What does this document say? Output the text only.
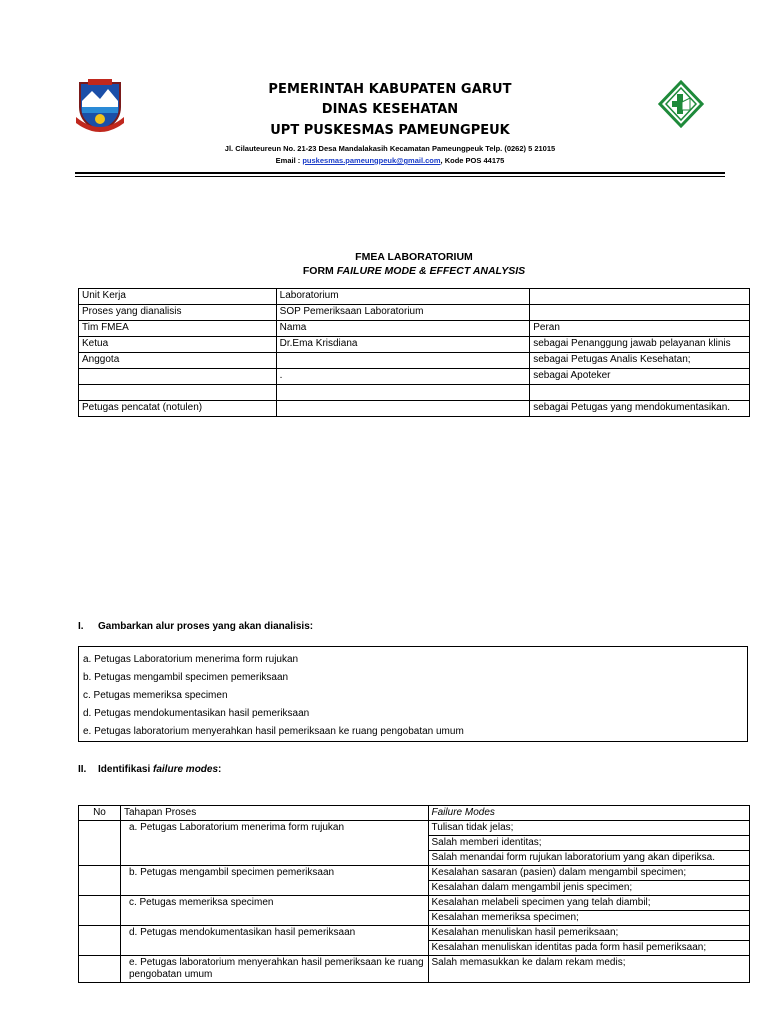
PEMERINTAH KABUPATEN GARUT
DINAS KESEHATAN
UPT PUSKESMAS PAMEUNGPEUK
Jl. Cilauteureun No. 21-23 Desa Mandalakasih Kecamatan Pameungpeuk Telp. (0262) 5 21015
Email : puskesmas.pameungpeuk@gmail.com, Kode POS 44175
FMEA LABORATORIUM
FORM FAILURE MODE & EFFECT ANALYSIS
Unit Kerja	Laboratorium	
Proses yang dianalisis	SOP Pemeriksaan Laboratorium	
Tim FMEA	Nama	Peran
Ketua	Dr.Ema Krisdiana	sebagai Penanggung jawab pelayanan klinis
Anggota		sebagai Petugas Analis Kesehatan;
	.	sebagai Apoteker

Petugas pencatat (notulen)		sebagai Petugas yang mendokumentasikan.
I. Gambarkan alur proses yang akan dianalisis:
a. Petugas Laboratorium menerima form rujukan
b. Petugas mengambil specimen pemeriksaan
c. Petugas memeriksa specimen
d. Petugas mendokumentasikan hasil pemeriksaan
e. Petugas laboratorium menyerahkan hasil pemeriksaan ke ruang pengobatan umum
II. Identifikasi failure modes:
No	Tahapan Proses	Failure Modes
	a. Petugas Laboratorium menerima form rujukan	Tulisan tidak jelas;
		Salah memberi identitas;
		Salah menandai form rujukan laboratorium yang akan diperiksa.
	b. Petugas mengambil specimen pemeriksaan	Kesalahan sasaran (pasien) dalam mengambil specimen;
		Kesalahan dalam mengambil jenis specimen;
	c. Petugas memeriksa specimen	Kesalahan melabeli specimen yang telah diambil;
		Kesalahan memeriksa specimen;
	d. Petugas mendokumentasikan hasil pemeriksaan	Kesalahan menuliskan hasil pemeriksaan;
		Kesalahan menuliskan identitas pada form hasil pemeriksaan;
	e. Petugas laboratorium menyerahkan hasil pemeriksaan ke ruang pengobatan umum	Salah memasukkan ke dalam rekam medis;
